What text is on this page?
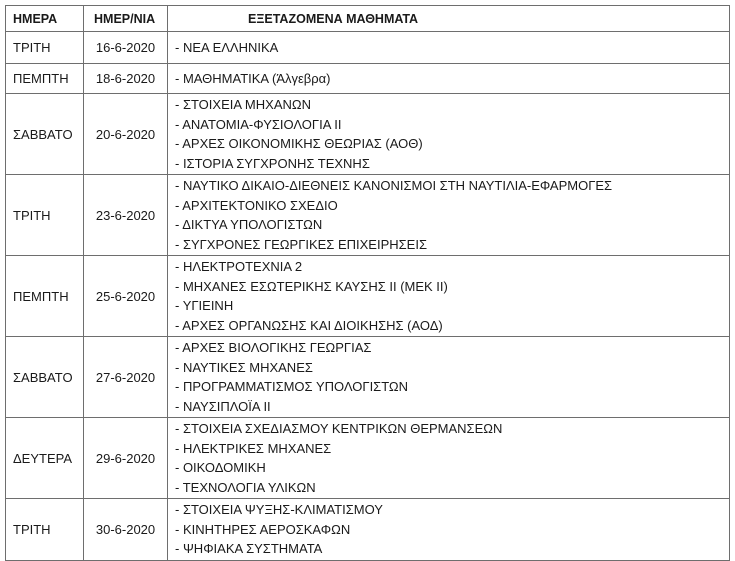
ΗΜΕΡΑ	ΗΜΕΡ/ΝΙΑ	ΕΞΕΤΑΖΟΜΕΝΑ ΜΑΘΗΜΑΤΑ
ΤΡΙΤΗ	16-6-2020	- ΝΕΑ ΕΛΛΗΝΙΚΑ

ΠΕΜΠΤΗ	18-6-2020	- ΜΑΘΗΜΑΤΙΚΑ (Άλγεβρα)

ΣΑΒΒΑΤΟ	20-6-2020	- ΣΤΟΙΧΕΙΑ ΜΗΧΑΝΩΝ
- ΑΝΑΤΟΜΙΑ-ΦΥΣΙΟΛΟΓΙΑ ΙΙ
- ΑΡΧΕΣ ΟΙΚΟΝΟΜΙΚΗΣ ΘΕΩΡΙΑΣ (ΑΟΘ)
- ΙΣΤΟΡΙΑ ΣΥΓΧΡΟΝΗΣ ΤΕΧΝΗΣ

ΤΡΙΤΗ	23-6-2020	- ΝΑΥΤΙΚΟ ΔΙΚΑΙΟ-ΔΙΕΘΝΕΙΣ ΚΑΝΟΝΙΣΜΟΙ ΣΤΗ ΝΑΥΤΙΛΙΑ-ΕΦΑΡΜΟΓΕΣ
- ΑΡΧΙΤΕΚΤΟΝΙΚΟ ΣΧΕΔΙΟ
- ΔΙΚΤΥΑ ΥΠΟΛΟΓΙΣΤΩΝ
- ΣΥΓΧΡΟΝΕΣ ΓΕΩΡΓΙΚΕΣ ΕΠΙΧΕΙΡΗΣΕΙΣ

ΠΕΜΠΤΗ	25-6-2020	- ΗΛΕΚΤΡΟΤΕΧΝΙΑ 2
- ΜΗΧΑΝΕΣ ΕΣΩΤΕΡΙΚΗΣ ΚΑΥΣΗΣ ΙΙ (ΜΕΚ ΙΙ)
- ΥΓΙΕΙΝΗ
- ΑΡΧΕΣ ΟΡΓΑΝΩΣΗΣ ΚΑΙ ΔΙΟΙΚΗΣΗΣ (ΑΟΔ)

ΣΑΒΒΑΤΟ	27-6-2020	- ΑΡΧΕΣ ΒΙΟΛΟΓΙΚΗΣ ΓΕΩΡΓΙΑΣ
- ΝΑΥΤΙΚΕΣ ΜΗΧΑΝΕΣ
- ΠΡΟΓΡΑΜΜΑΤΙΣΜΟΣ ΥΠΟΛΟΓΙΣΤΩΝ
- ΝΑΥΣΙΠΛΟΪΑ ΙΙ

ΔΕΥΤΕΡΑ	29-6-2020	- ΣΤΟΙΧΕΙΑ ΣΧΕΔΙΑΣΜΟΥ ΚΕΝΤΡΙΚΩΝ ΘΕΡΜΑΝΣΕΩΝ
- ΗΛΕΚΤΡΙΚΕΣ ΜΗΧΑΝΕΣ
- ΟΙΚΟΔΟΜΙΚΗ
- ΤΕΧΝΟΛΟΓΙΑ ΥΛΙΚΩΝ

ΤΡΙΤΗ	30-6-2020	- ΣΤΟΙΧΕΙΑ ΨΥΞΗΣ-ΚΛΙΜΑΤΙΣΜΟΥ
- ΚΙΝΗΤΗΡΕΣ ΑΕΡΟΣΚΑΦΩΝ
- ΨΗΦΙΑΚΑ ΣΥΣΤΗΜΑΤΑ
